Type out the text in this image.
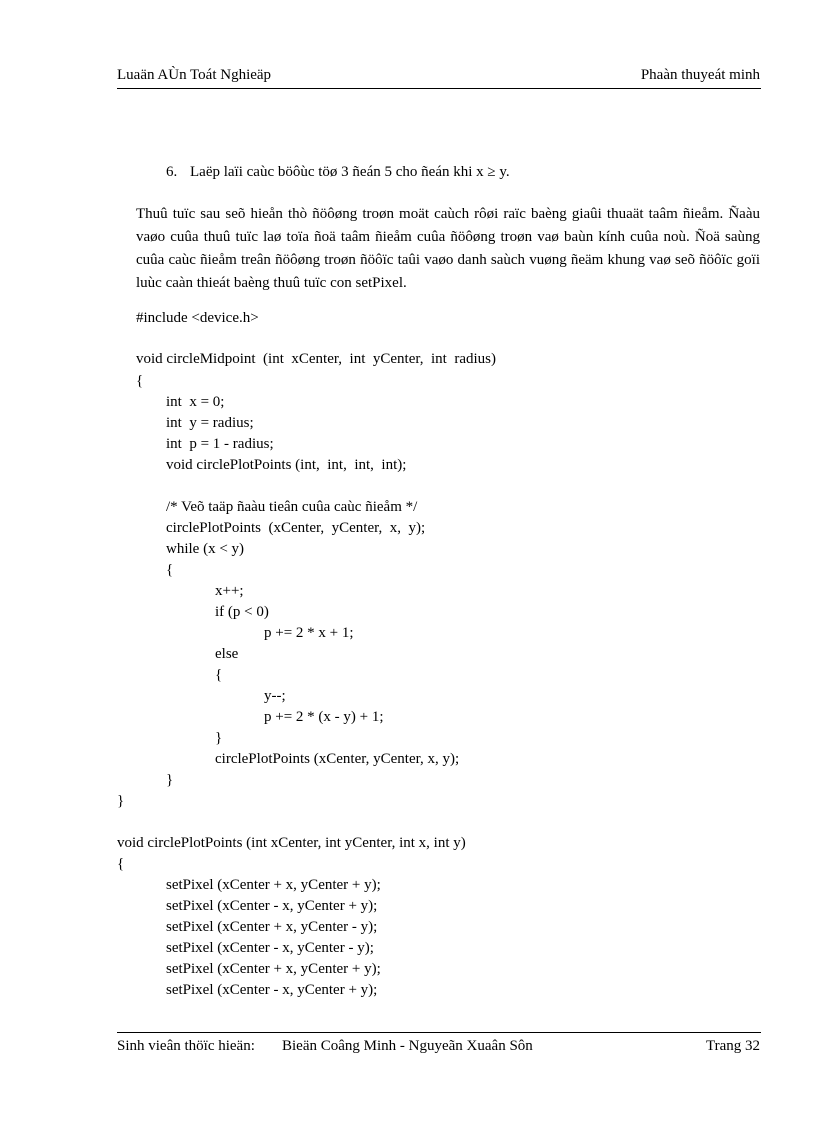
Luaän AÙn Toát Nghieäp	Phaàn thuyeát minh
6. Laëp laïi caùc böôùc töø 3 ñeán 5 cho ñeán khi x ≥ y.
Thuû tuïc sau seõ hieån thò ñöôøng troøn moät caùch rôøi raïc baèng giaûi thuaät taâm ñieåm. Ñaàu vaøo cuûa thuû tuïc laø toïa ñoä taâm ñieåm cuûa ñöôøng troøn vaø baùn kính cuûa noù. Ñoä saùng cuûa caùc ñieåm treân ñöôøng troøn ñöôïc taûi vaøo danh saùch vuøng ñeäm khung vaø seõ ñöôïc goïi luùc caàn thieát baèng thuû tuïc con setPixel.
#include <device.h>
void circleMidpoint  (int  xCenter,  int  yCenter,  int  radius)
{
int  x = 0;
int  y = radius;
int  p = 1 - radius;
void circlePlotPoints (int,  int,  int,  int);
/* Veõ taäp ñaàu tieân cuûa caùc ñieåm */
circlePlotPoints  (xCenter,  yCenter,  x,  y);
while (x < y)
{
x++;
if (p < 0)
p += 2 * x + 1;
else
{
y--;
p += 2 * (x - y) + 1;
}
circlePlotPoints (xCenter, yCenter, x, y);
}
}
void circlePlotPoints (int xCenter, int yCenter, int x, int y)
{
setPixel (xCenter + x, yCenter + y);
setPixel (xCenter - x, yCenter + y);
setPixel (xCenter + x, yCenter - y);
setPixel (xCenter - x, yCenter - y);
setPixel (xCenter + x, yCenter + y);
setPixel (xCenter - x, yCenter + y);
Sinh vieân thöïc hieän: Bieän Coâng Minh - Nguyeãn Xuaân Sôn	Trang 32
